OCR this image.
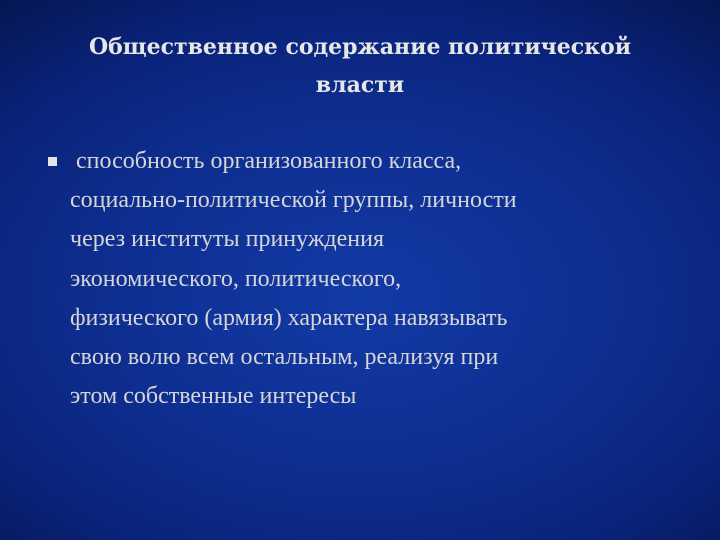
Общественное содержание политической
власти
способность организованного класса,
социально-политической группы, личности
через институты принуждения
экономического, политического,
физического (армия) характера навязывать
свою волю всем остальным, реализуя при
этом собственные интересы
